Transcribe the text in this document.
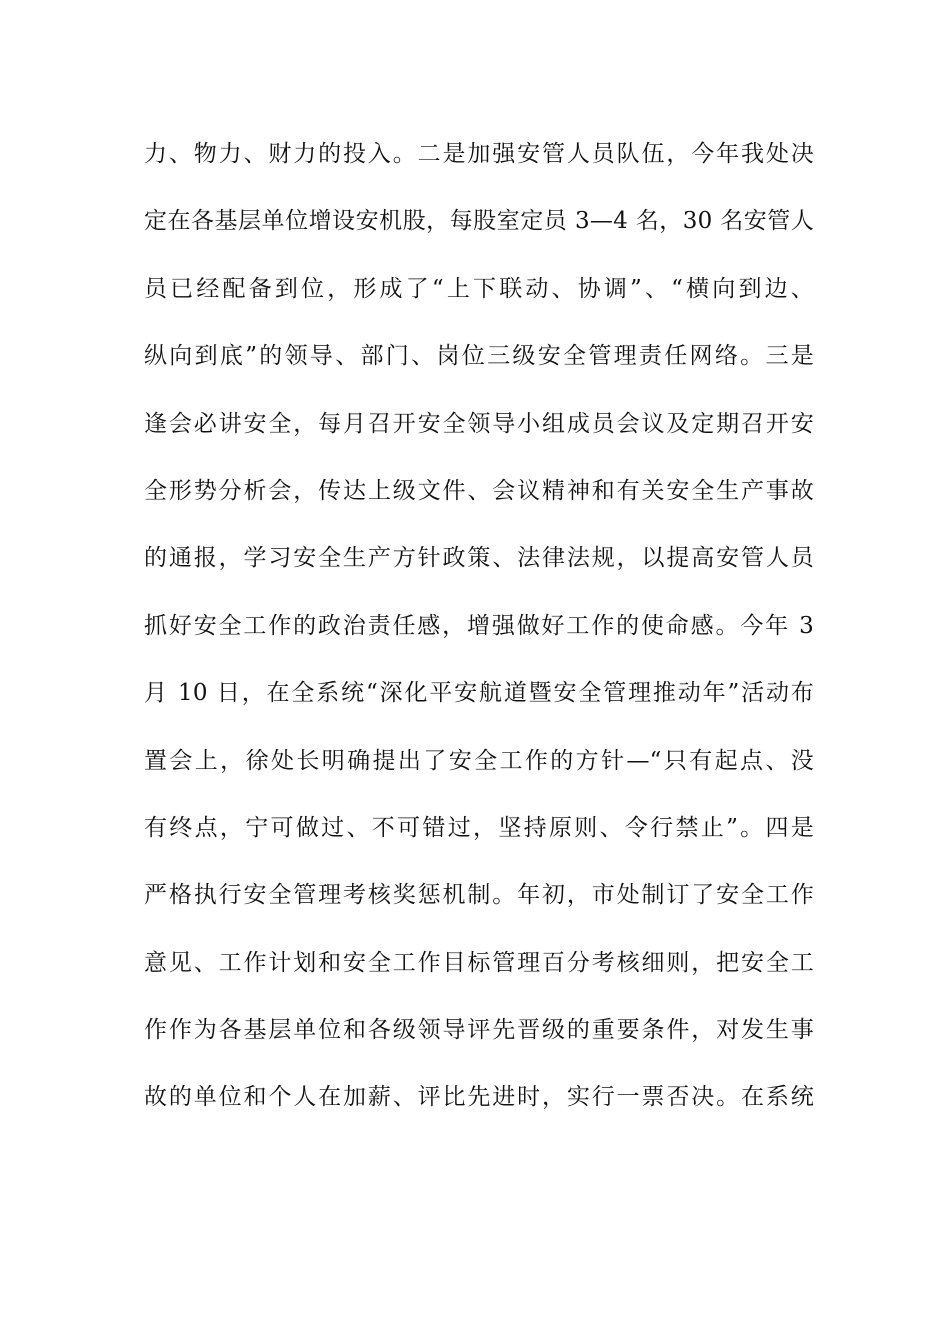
力、物力、财力的投入。二是加强安管人员队伍，今年我处决
定在各基层单位增设安机股，每股室定员 3—4 名，30 名安管人
员已经配备到位，形成了“上下联动、协调”、“横向到边、
纵向到底”的领导、部门、岗位三级安全管理责任网络。三是
逢会必讲安全，每月召开安全领导小组成员会议及定期召开安
全形势分析会，传达上级文件、会议精神和有关安全生产事故
的通报，学习安全生产方针政策、法律法规，以提高安管人员
抓好安全工作的政治责任感，增强做好工作的使命感。今年 3
月 10 日，在全系统“深化平安航道暨安全管理推动年”活动布
置会上，徐处长明确提出了安全工作的方针—“只有起点、没
有终点，宁可做过、不可错过，坚持原则、令行禁止”。四是
严格执行安全管理考核奖惩机制。年初，市处制订了安全工作
意见、工作计划和安全工作目标管理百分考核细则，把安全工
作作为各基层单位和各级领导评先晋级的重要条件，对发生事
故的单位和个人在加薪、评比先进时，实行一票否决。在系统
